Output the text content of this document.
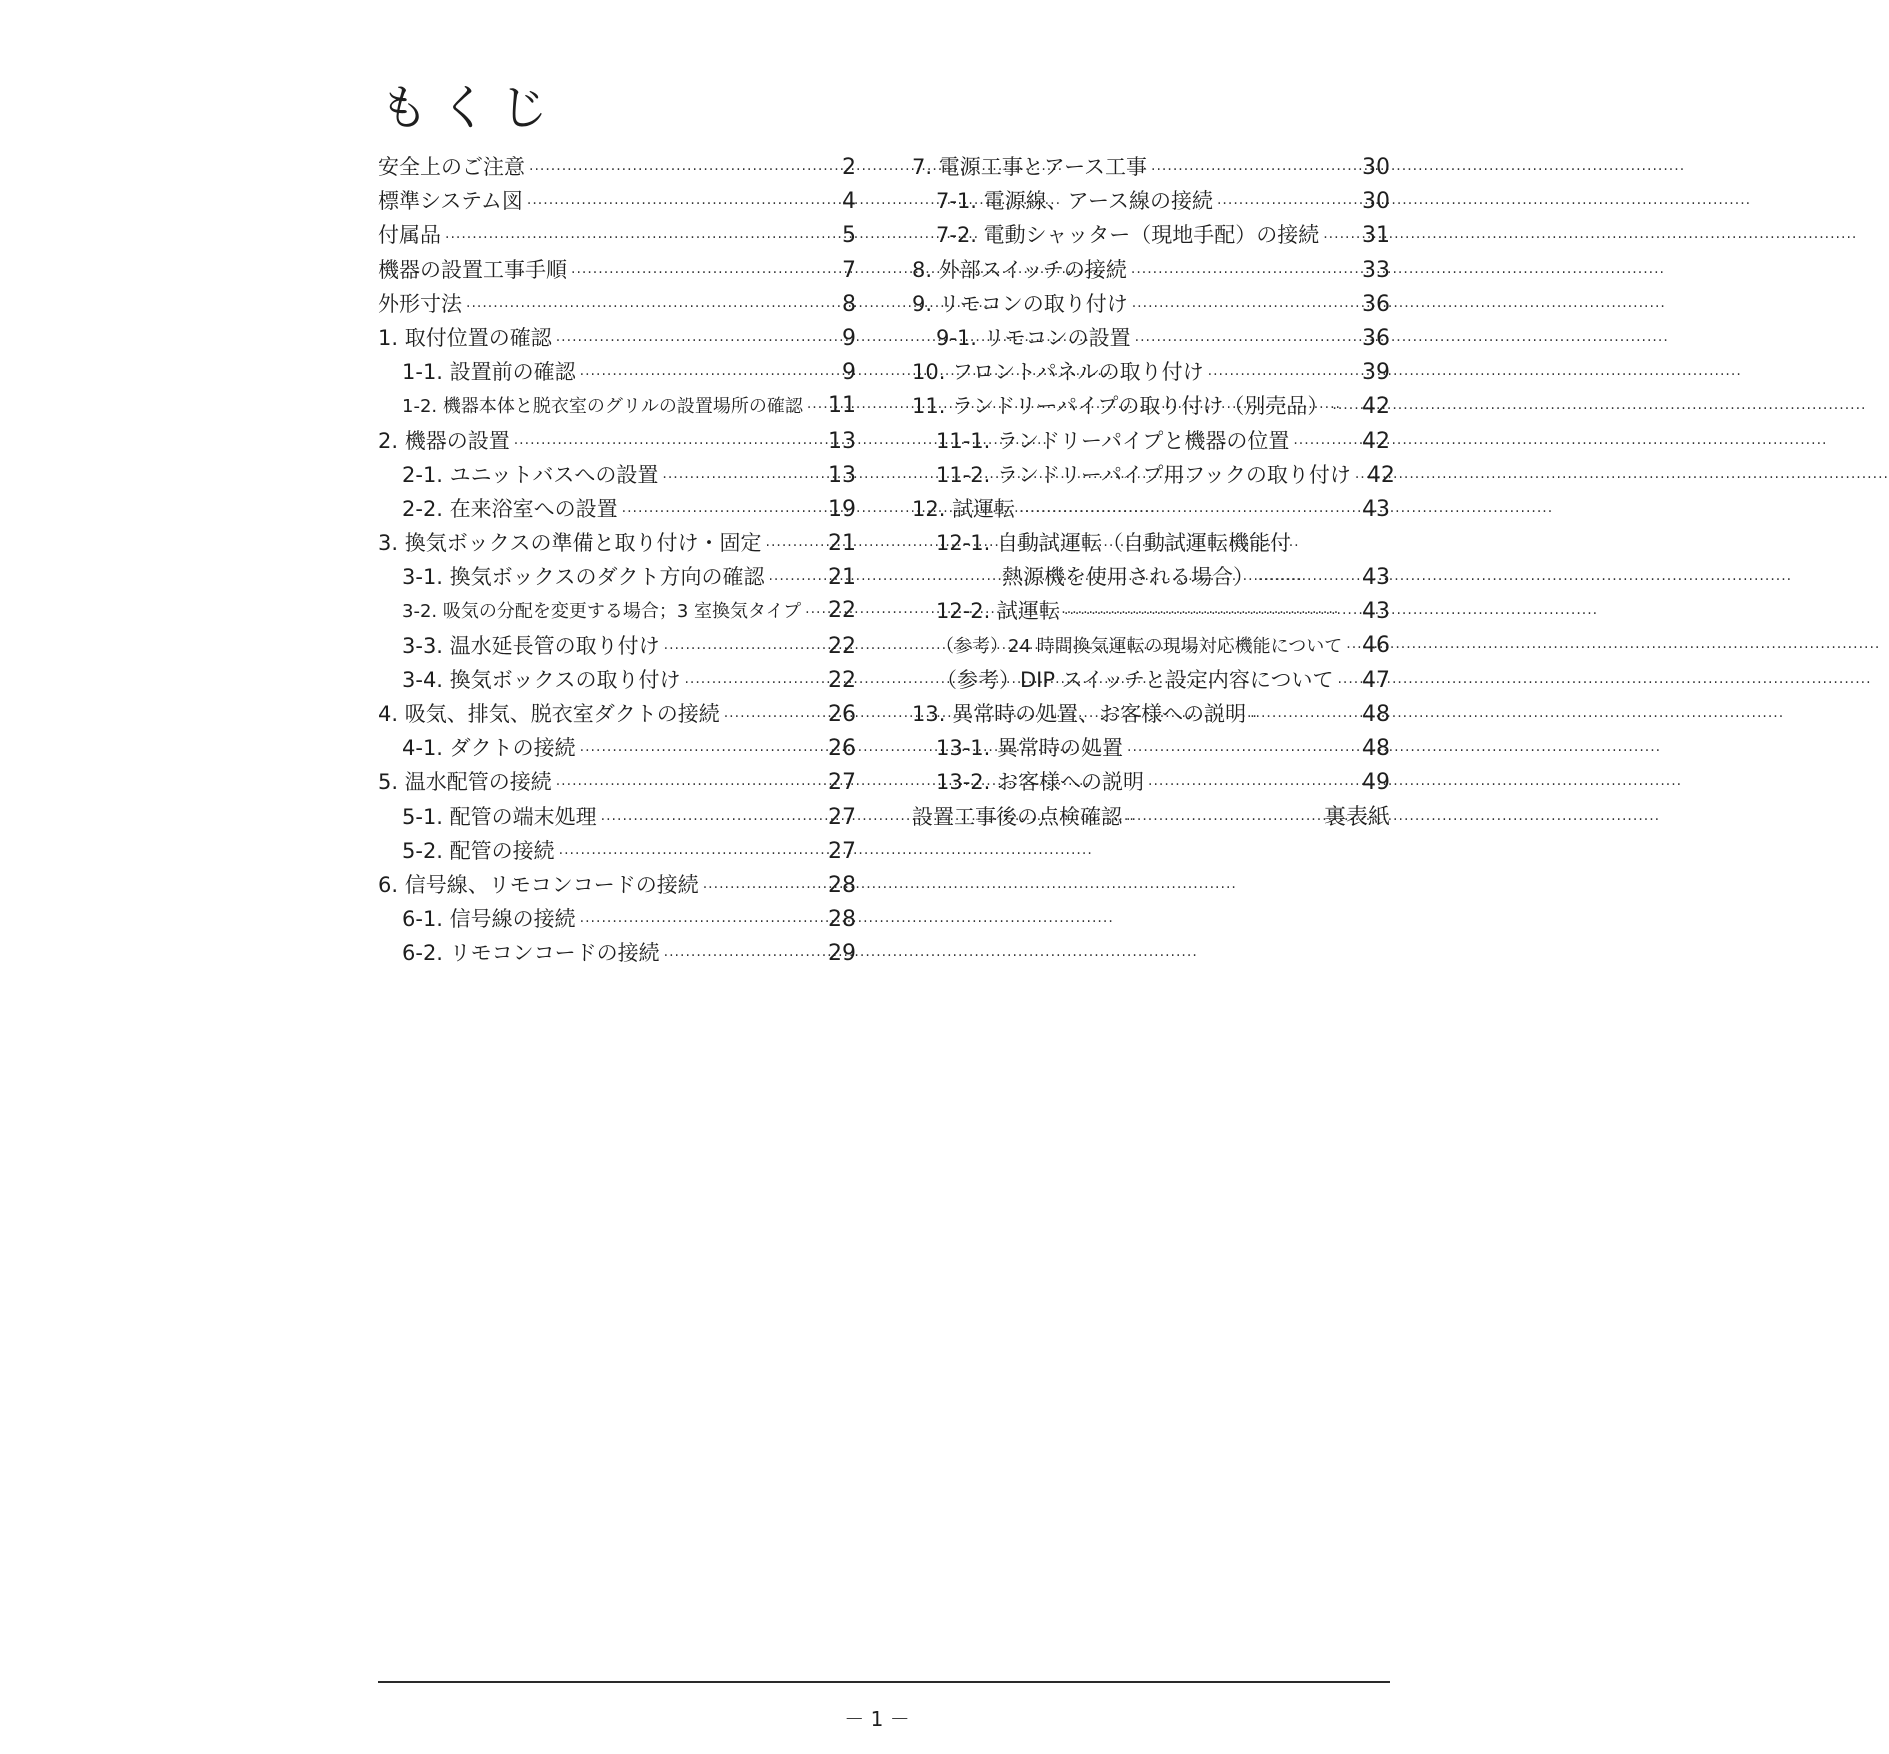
もくじ
安全上のご注意 ·····	2
標準システム図 ·····	4
付属品 ·····	5
機器の設置工事手順 ·····	7
外形寸法 ·····	8
1. 取付位置の確認 ·····	9
1-1. 設置前の確認 ·····	9
1-2. 機器本体と脱衣室のグリルの設置場所の確認 ····· 11
2. 機器の設置 ·····	13
2-1. ユニットバスへの設置 ·····	13
2-2. 在来浴室への設置 ·····	19
3. 換気ボックスの準備と取り付け・固定 ·····	21
3-1. 換気ボックスのダクト方向の確認 ·····	21
3-2. 吸気の分配を変更する場合；3 室換気タイプ ····· 22
3-3. 温水延長管の取り付け ·····	22
3-4. 換気ボックスの取り付け ·····	22
4. 吸気、排気、脱衣室ダクトの接続 ·····	26
4-1. ダクトの接続 ·····	26
5. 温水配管の接続 ·····	27
5-1. 配管の端末処理 ·····	27
5-2. 配管の接続 ·····	27
6. 信号線、リモコンコードの接続 ·····	28
6-1. 信号線の接続 ·····	28
6-2. リモコンコードの接続 ·····	29
7. 電源工事とアース工事 ·····	30
7-1. 電源線、アース線の接続 ·····	30
7-2. 電動シャッター（現地手配）の接続 ····· 31
8. 外部スイッチの接続 ·····	33
9. リモコンの取り付け ·····	36
9-1. リモコンの設置 ·····	36
10. フロントパネルの取り付け ·····	39
11. ランドリーパイプの取り付け（別売品） ····· 42
11-1. ランドリーパイプと機器の位置 ·····	42
11-2. ランドリーパイプ用フックの取り付け 42
12. 試運転 ·····	43
12-1. 自動試運転（自動試運転機能付
熱源機を使用される場合） ·····	43
12-2. 試運転 ·····	43
（参考）24 時間換気運転の現場対応機能について ····· 46
（参考）DIP スイッチと設定内容について ····· 47
13. 異常時の処置、お客様への説明 ·····	48
13-1. 異常時の処置 ·····	48
13-2. お客様への説明 ·····	49
設置工事後の点検確認 ·····	裏表紙
－ 1 －
